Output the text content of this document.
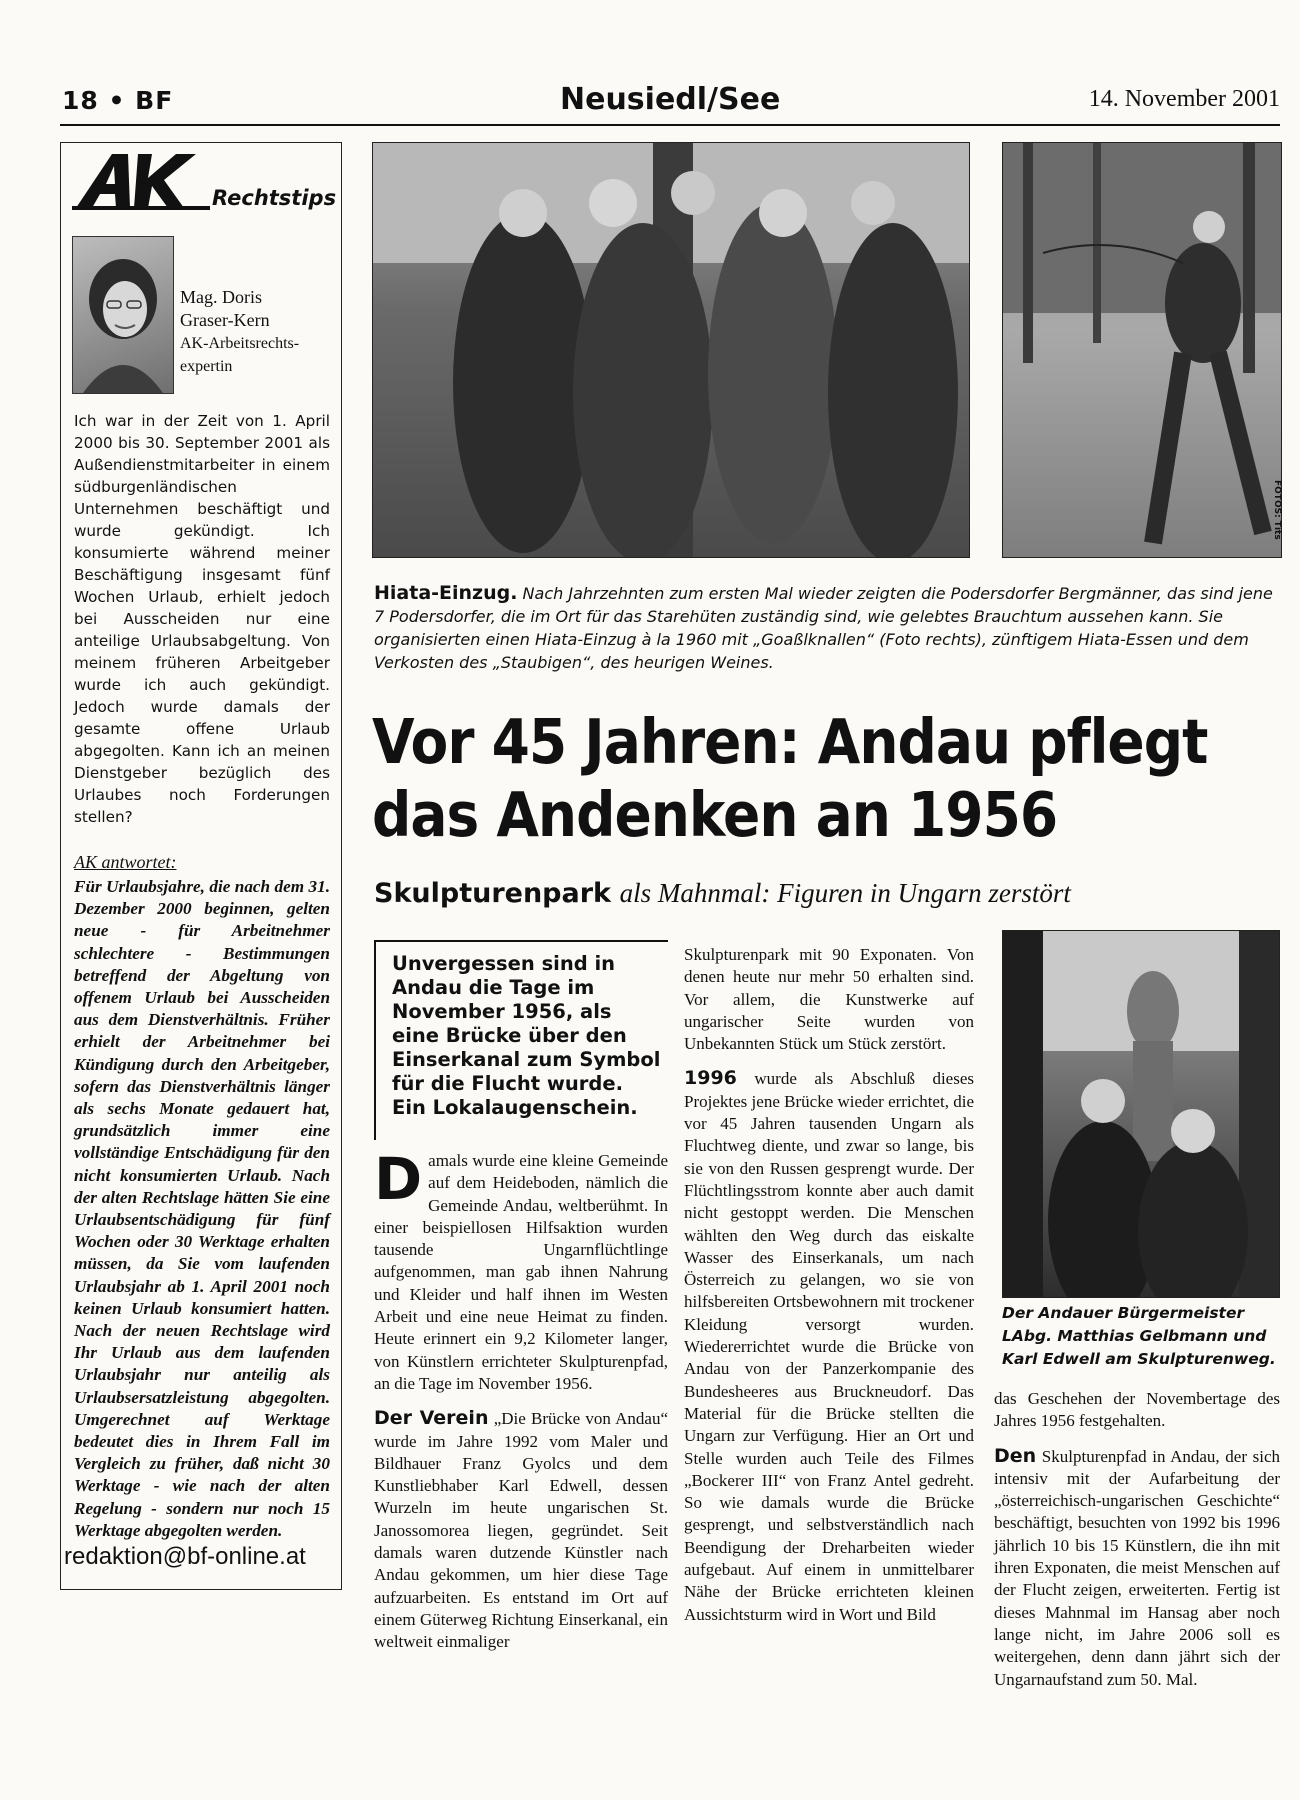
18 • BF	Neusiedl/See	14. November 2001
Rechtstips
Mag. Doris
Graser-Kern
AK-Arbeitsrechts-
expertin
Ich war in der Zeit von 1. April 2000 bis 30. September 2001 als Außendienstmitarbeiter in einem südburgenländischen Unternehmen beschäftigt und wurde gekündigt. Ich konsumierte während meiner Beschäftigung insgesamt fünf Wochen Urlaub, erhielt jedoch bei Ausscheiden nur eine anteilige Urlaubsabgeltung. Von meinem früheren Arbeitgeber wurde ich auch gekündigt. Jedoch wurde damals der gesamte offene Urlaub abgegolten. Kann ich an meinen Dienstgeber bezüglich des Urlaubes noch Forderungen stellen?
AK antwortet:
Für Urlaubsjahre, die nach dem 31. Dezember 2000 beginnen, gelten neue - für Arbeitnehmer schlechtere - Bestimmungen betreffend der Abgeltung von offenem Urlaub bei Ausscheiden aus dem Dienstverhältnis. Früher erhielt der Arbeitnehmer bei Kündigung durch den Arbeitgeber, sofern das Dienstverhältnis länger als sechs Monate gedauert hat, grundsätzlich immer eine vollständige Entschädigung für den nicht konsumierten Urlaub. Nach der alten Rechtslage hätten Sie eine Urlaubsentschädigung für fünf Wochen oder 30 Werktage erhalten müssen, da Sie vom laufenden Urlaubsjahr ab 1. April 2001 noch keinen Urlaub konsumiert hatten. Nach der neuen Rechtslage wird Ihr Urlaub aus dem laufenden Urlaubsjahr nur anteilig als Urlaubsersatzleistung abgegolten. Umgerechnet auf Werktage bedeutet dies in Ihrem Fall im Vergleich zu früher, daß nicht 30 Werktage - wie nach der alten Regelung - sondern nur noch 15 Werktage abgegolten werden.
redaktion@bf-online.at
FOTOS: Tits
Hiata-Einzug. Nach Jahrzehnten zum ersten Mal wieder zeigten die Podersdorfer Bergmänner, das sind jene 7 Podersdorfer, die im Ort für das Starehüten zuständig sind, wie gelebtes Brauchtum aussehen kann. Sie organisierten einen Hiata-Einzug à la 1960 mit „Goaßlknallen“ (Foto rechts), zünftigem Hiata-Essen und dem Verkosten des „Staubigen“, des heurigen Weines.
Vor 45 Jahren: Andau pflegt
das Andenken an 1956
Skulpturenpark als Mahnmal: Figuren in Ungarn zerstört
Unvergessen sind in Andau die Tage im November 1956, als eine Brücke über den Einserkanal zum Symbol für die Flucht wurde. Ein Lokalaugenschein.
D amals wurde eine kleine Gemeinde auf dem Heideboden, nämlich die Gemeinde Andau, weltberühmt. In einer beispiellosen Hilfsaktion wurden tausende Ungarnflüchtlinge aufgenommen, man gab ihnen Nahrung und Kleider und half ihnen im Westen Arbeit und eine neue Heimat zu finden. Heute erinnert ein 9,2 Kilometer langer, von Künstlern errichteter Skulpturenpfad, an die Tage im November 1956.
Der Verein „Die Brücke von Andau“ wurde im Jahre 1992 vom Maler und Bildhauer Franz Gyolcs und dem Kunstliebhaber Karl Edwell, dessen Wurzeln im heute ungarischen St. Janossomorea liegen, gegründet. Seit damals waren dutzende Künstler nach Andau gekommen, um hier diese Tage aufzuarbeiten. Es entstand im Ort auf einem Güterweg Richtung Einserkanal, ein weltweit einmaliger
Skulpturenpark mit 90 Exponaten. Von denen heute nur mehr 50 erhalten sind. Vor allem, die Kunstwerke auf ungarischer Seite wurden von Unbekannten Stück um Stück zerstört.
1996 wurde als Abschluß dieses Projektes jene Brücke wieder errichtet, die vor 45 Jahren tausenden Ungarn als Fluchtweg diente, und zwar so lange, bis sie von den Russen gesprengt wurde. Der Flüchtlingsstrom konnte aber auch damit nicht gestoppt werden. Die Menschen wählten den Weg durch das eiskalte Wasser des Einserkanals, um nach Österreich zu gelangen, wo sie von hilfsbereiten Ortsbewohnern mit trockener Kleidung versorgt wurden. Wiedererrichtet wurde die Brücke von Andau von der Panzerkompanie des Bundesheeres aus Bruckneudorf. Das Material für die Brücke stellten die Ungarn zur Verfügung. Hier an Ort und Stelle wurden auch Teile des Filmes „Bockerer III“ von Franz Antel gedreht. So wie damals wurde die Brücke gesprengt, und selbstverständlich nach Beendigung der Dreharbeiten wieder aufgebaut. Auf einem in unmittelbarer Nähe der Brücke errichteten kleinen Aussichtsturm wird in Wort und Bild
Der Andauer Bürgermeister LAbg. Matthias Gelbmann und Karl Edwell am Skulpturenweg.
das Geschehen der Novembertage des Jahres 1956 festgehalten.
Den Skulpturenpfad in Andau, der sich intensiv mit der Aufarbeitung der „österreichisch-ungarischen Geschichte“ beschäftigt, besuchten von 1992 bis 1996 jährlich 10 bis 15 Künstlern, die ihn mit ihren Exponaten, die meist Menschen auf der Flucht zeigen, erweiterten. Fertig ist dieses Mahnmal im Hansag aber noch lange nicht, im Jahre 2006 soll es weitergehen, denn dann jährt sich der Ungarnaufstand zum 50. Mal.
